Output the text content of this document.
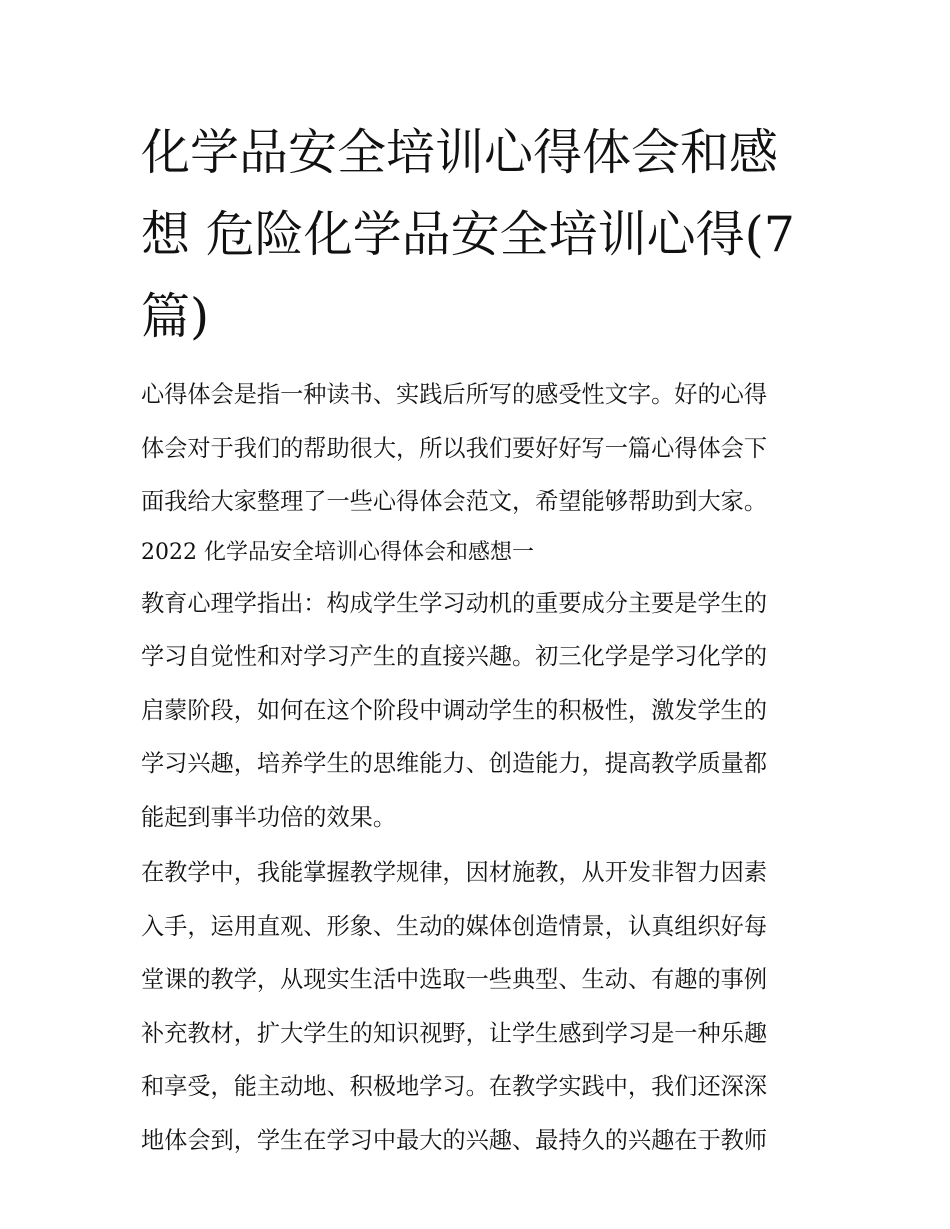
化学品安全培训心得体会和感
想 危险化学品安全培训心得(7
篇)

心得体会是指一种读书、实践后所写的感受性文字。好的心得
体会对于我们的帮助很大，所以我们要好好写一篇心得体会下
面我给大家整理了一些心得体会范文，希望能够帮助到大家。

2022 化学品安全培训心得体会和感想一

教育心理学指出：构成学生学习动机的重要成分主要是学生的
学习自觉性和对学习产生的直接兴趣。初三化学是学习化学的
启蒙阶段，如何在这个阶段中调动学生的积极性，激发学生的
学习兴趣，培养学生的思维能力、创造能力，提高教学质量都
能起到事半功倍的效果。

在教学中，我能掌握教学规律，因材施教，从开发非智力因素
入手，运用直观、形象、生动的媒体创造情景，认真组织好每
堂课的教学，从现实生活中选取一些典型、生动、有趣的事例
补充教材，扩大学生的知识视野，让学生感到学习是一种乐趣
和享受，能主动地、积极地学习。在教学实践中，我们还深深
地体会到，学生在学习中最大的兴趣、最持久的兴趣在于教师
